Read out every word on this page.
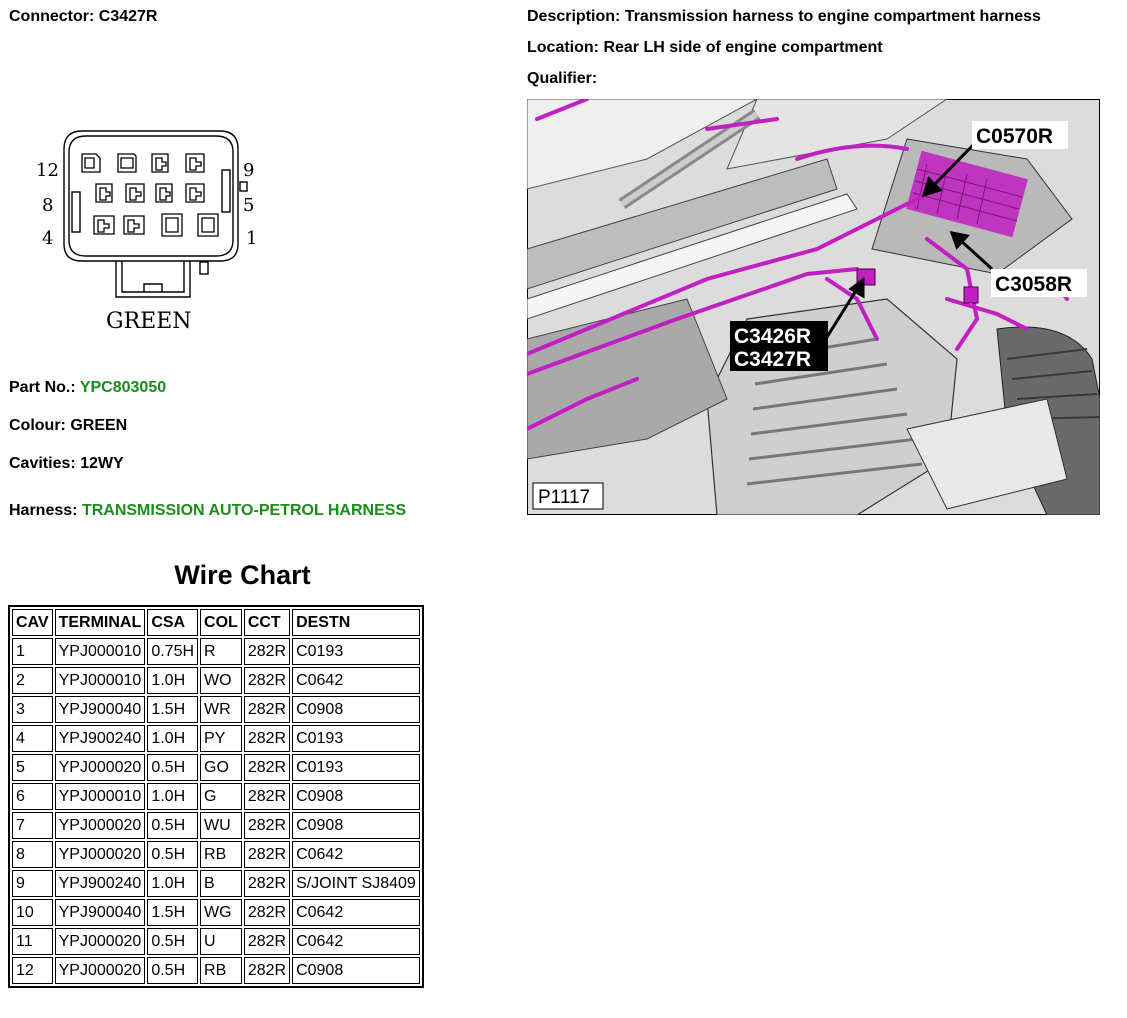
Connector: C3427R	Description: Transmission harness to engine compartment harness
Location: Rear LH side of engine compartment
Qualifier:
12
8
4
9
5
1
GREEN
C0570R
C3058R
C3426R
C3427R
P1117
Part No.: YPC803050
Colour: GREEN
Cavities: 12WY
Harness: TRANSMISSION AUTO-PETROL HARNESS
Wire Chart
CAV	TERMINAL	CSA	COL	CCT	DESTN
1	YPJ000010	0.75H	R	282R	C0193
2	YPJ000010	1.0H	WO	282R	C0642
3	YPJ900040	1.5H	WR	282R	C0908
4	YPJ900240	1.0H	PY	282R	C0193
5	YPJ000020	0.5H	GO	282R	C0193
6	YPJ000010	1.0H	G	282R	C0908
7	YPJ000020	0.5H	WU	282R	C0908
8	YPJ000020	0.5H	RB	282R	C0642
9	YPJ900240	1.0H	B	282R	S/JOINT SJ8409
10	YPJ900040	1.5H	WG	282R	C0642
11	YPJ000020	0.5H	U	282R	C0642
12	YPJ000020	0.5H	RB	282R	C0908
